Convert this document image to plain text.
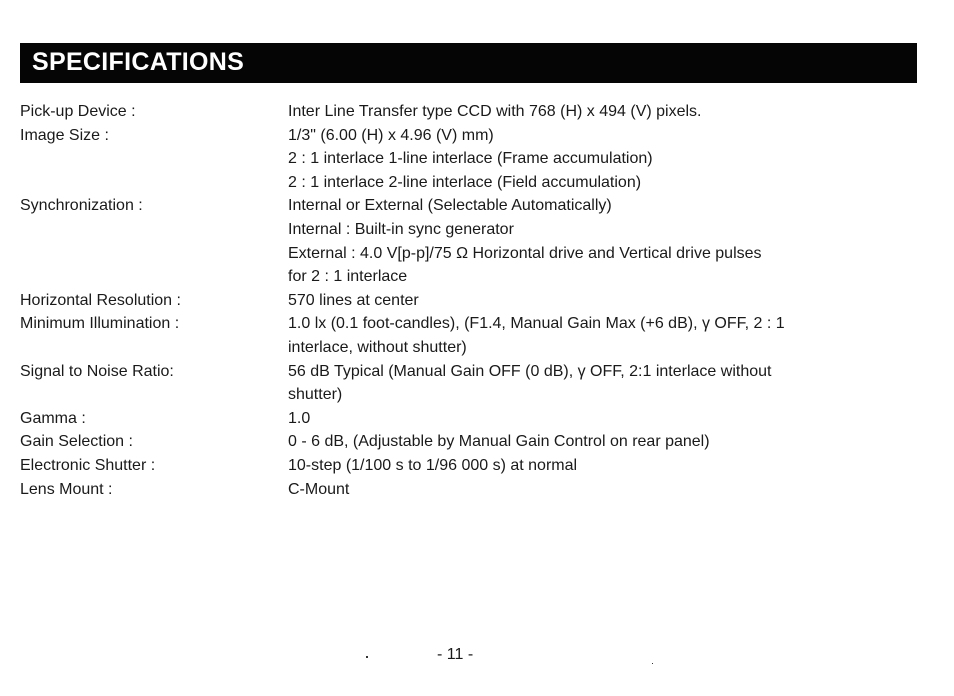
SPECIFICATIONS
Pick-up Device :	Inter Line Transfer type CCD with 768 (H) x 494 (V) pixels.
Image Size :	1/3" (6.00 (H) x 4.96 (V) mm)
2 : 1 interlace 1-line interlace (Frame accumulation)
2 : 1 interlace 2-line interlace (Field accumulation)
Synchronization :	Internal or External (Selectable Automatically)
Internal : Built-in sync generator
External : 4.0 V[p-p]/75 Ω Horizontal drive and Vertical drive pulses
for 2 : 1 interlace
Horizontal Resolution :	570 lines at center
Minimum Illumination :	1.0 lx (0.1 foot-candles), (F1.4, Manual Gain Max (+6 dB), γ OFF, 2 : 1
interlace, without shutter)
Signal to Noise Ratio:	56 dB Typical (Manual Gain OFF (0 dB), γ OFF, 2:1 interlace without
shutter)
Gamma :	1.0
Gain Selection :	0 - 6 dB, (Adjustable by Manual Gain Control on rear panel)
Electronic Shutter :	10-step (1/100 s to 1/96 000 s) at normal
Lens Mount :	C-Mount
- 11 -
